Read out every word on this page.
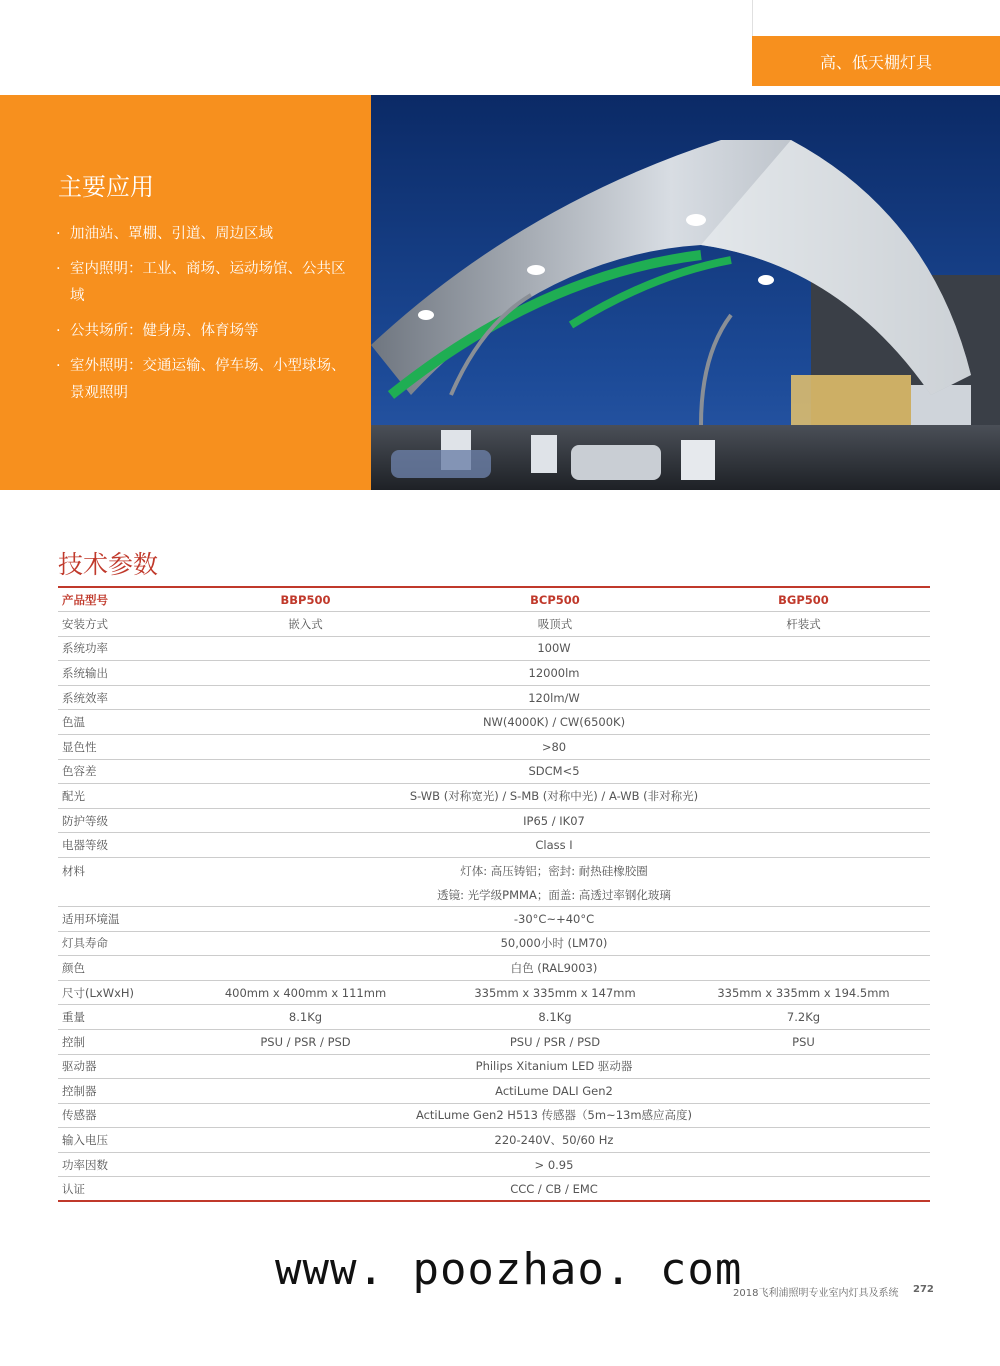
高、低天棚灯具
主要应用
· 加油站、罩棚、引道、周边区域
· 室内照明：工业、商场、运动场馆、公共区域
· 公共场所：健身房、体育场等
· 室外照明：交通运输、停车场、小型球场、景观照明
技术参数
产品型号	BBP500	BCP500	BGP500
安装方式	嵌入式	吸顶式	杆装式
系统功率	100W
系统输出	12000lm
系统效率	120lm/W
色温	NW(4000K) / CW(6500K)
显色性	>80
色容差	SDCM<5
配光	S-WB (对称宽光) / S-MB (对称中光) / A-WB (非对称光)
防护等级	IP65 / IK07
电器等级	Class I
材料	灯体: 高压铸铝；密封: 耐热硅橡胶圈
透镜: 光学级PMMA；面盖: 高透过率钢化玻璃
适用环境温	-30°C~+40°C
灯具寿命	50,000小时 (LM70)
颜色	白色 (RAL9003)
尺寸(LxWxH)	400mm x 400mm x 111mm	335mm x 335mm x 147mm	335mm x 335mm x 194.5mm
重量	8.1Kg	8.1Kg	7.2Kg
控制	PSU / PSR / PSD	PSU / PSR / PSD	PSU
驱动器	Philips Xitanium LED 驱动器
控制器	ActiLume DALI Gen2
传感器	ActiLume Gen2 H513 传感器（5m~13m感应高度)
输入电压	220-240V、50/60 Hz
功率因数	> 0.95
认证	CCC / CB / EMC
www. poozhao. com
2018飞利浦照明专业室内灯具及系统 272
